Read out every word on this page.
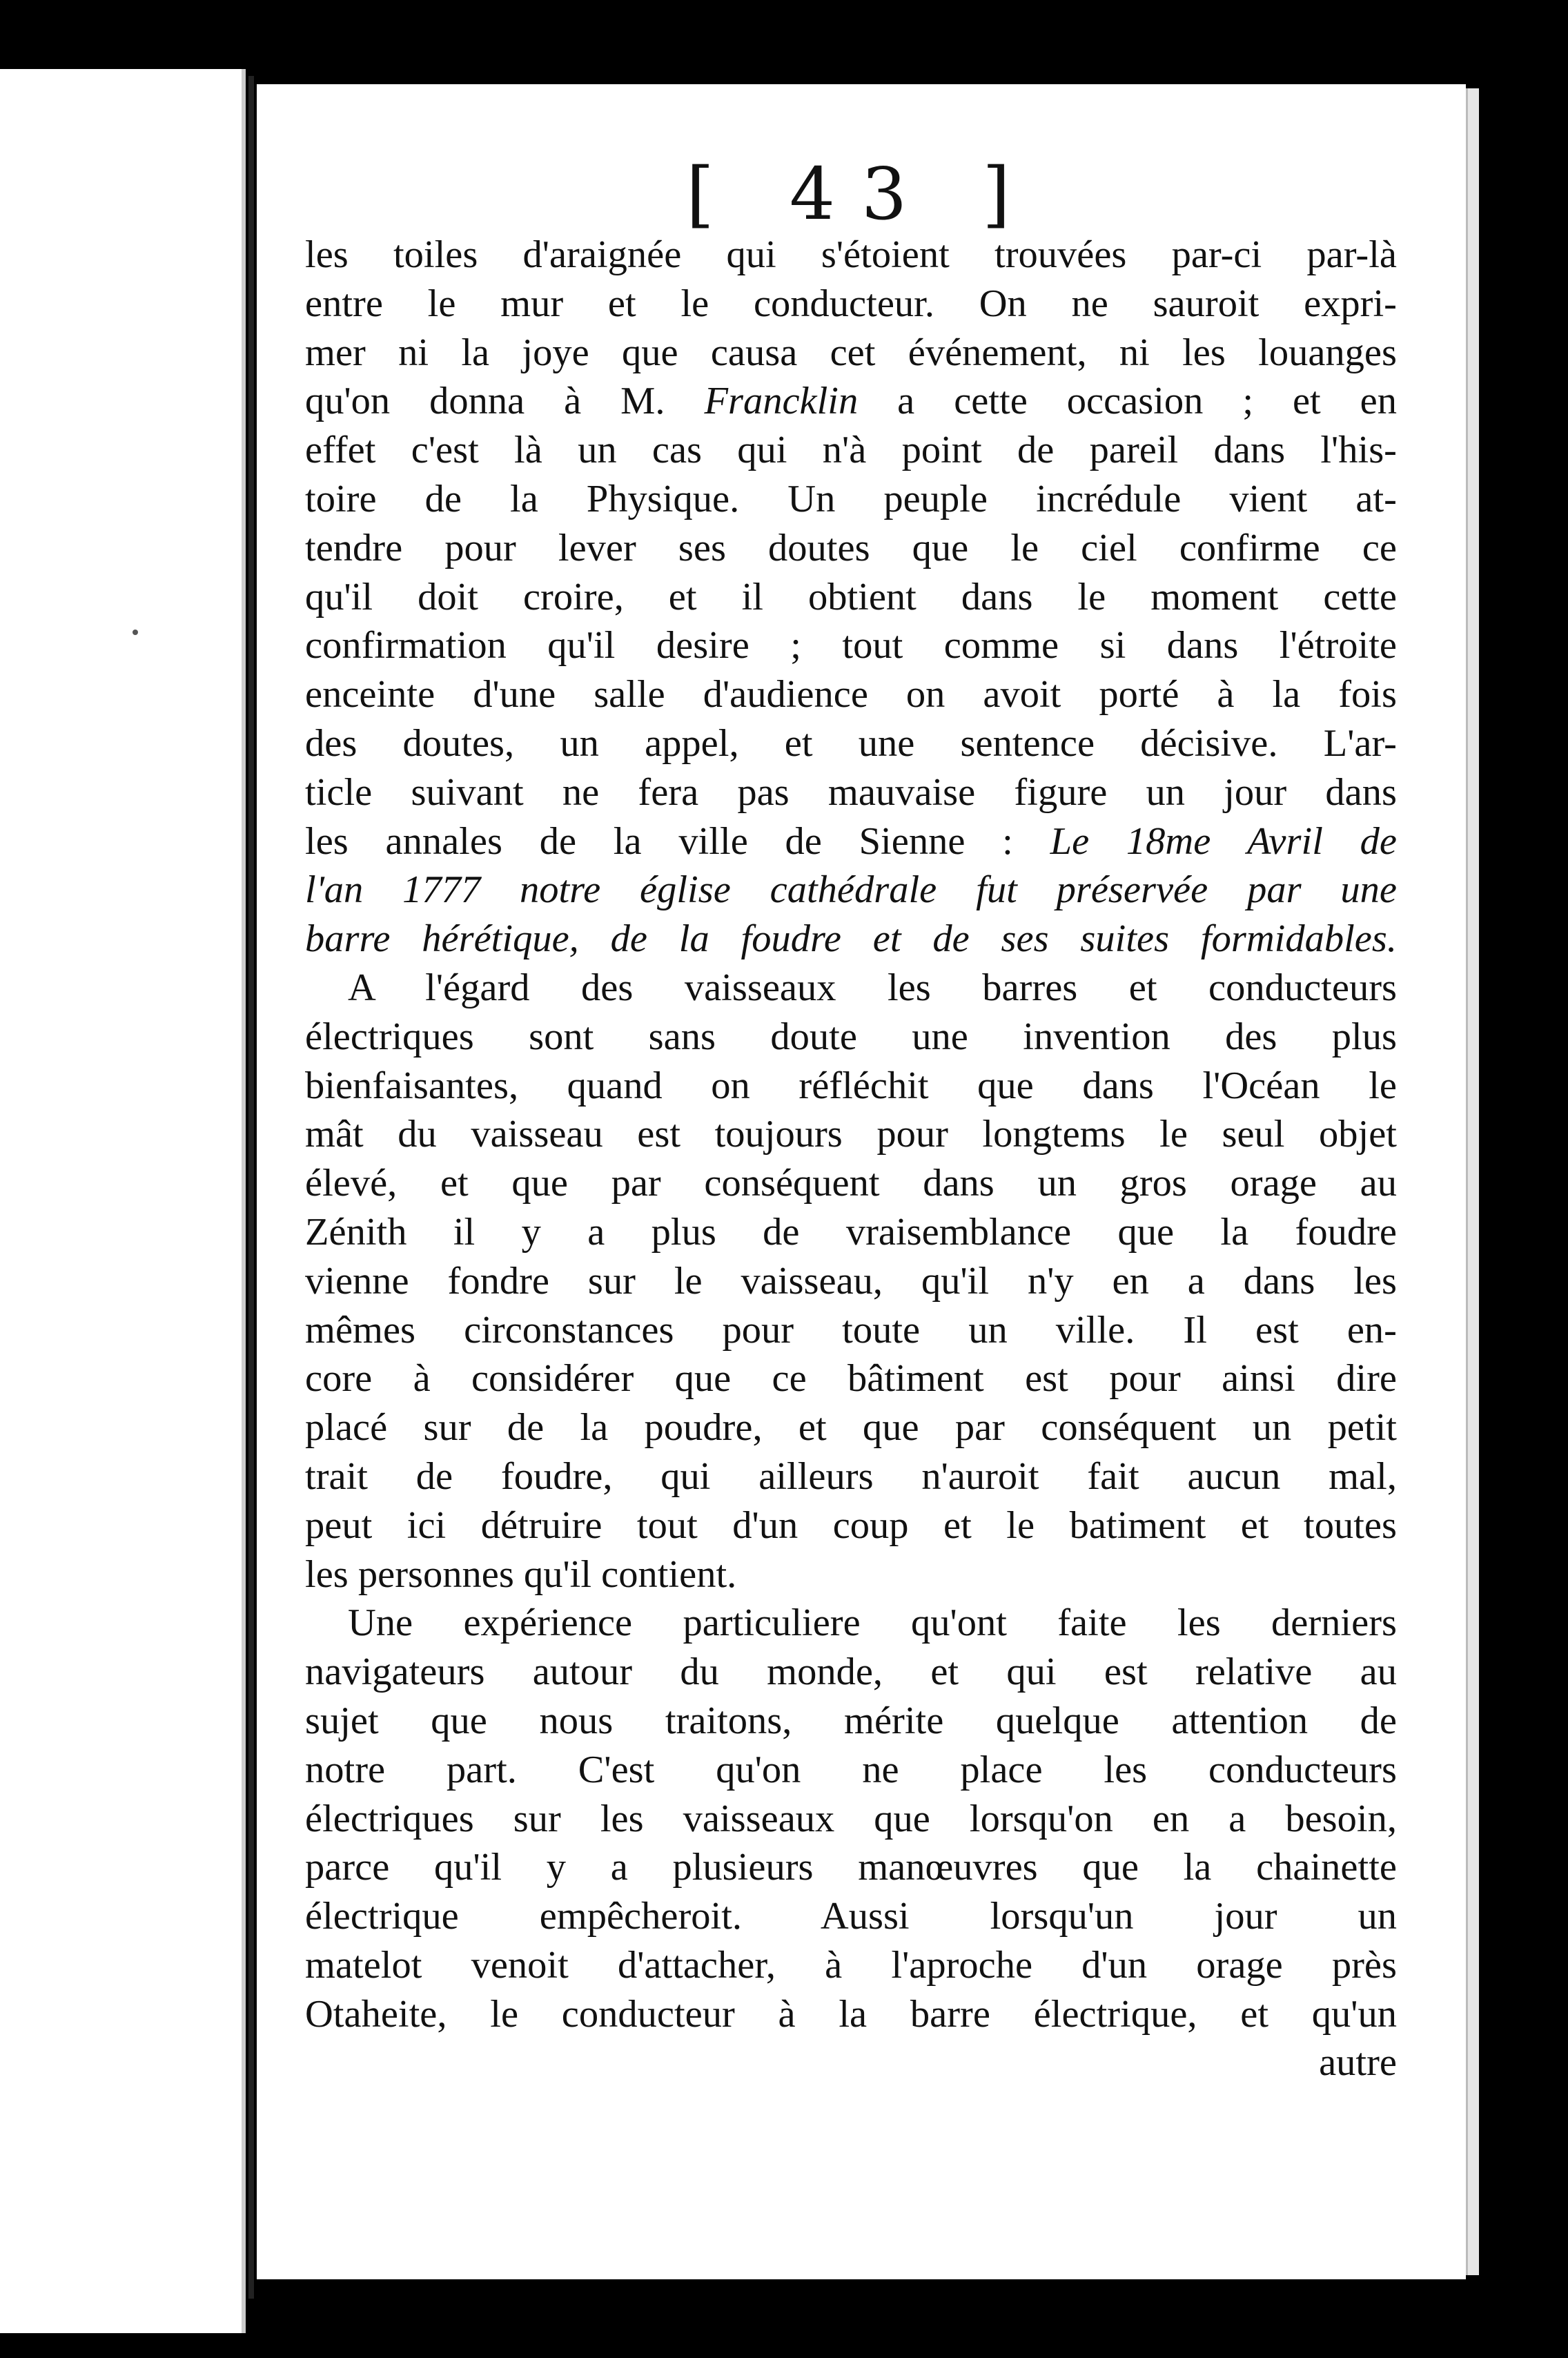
[ 43 ]
les toiles d'araignée qui s'étoient trouvées par-ci par-là
entre le mur et le conducteur. On ne sauroit expri-
mer ni la joye que causa cet événement, ni les louanges
qu'on donna à M. Francklin a cette occasion ; et en
effet c'est là un cas qui n'à point de pareil dans l'his-
toire de la Physique. Un peuple incrédule vient at-
tendre pour lever ses doutes que le ciel confirme ce
qu'il doit croire, et il obtient dans le moment cette
confirmation qu'il desire ; tout comme si dans l'étroite
enceinte d'une salle d'audience on avoit porté à la fois
des doutes, un appel, et une sentence décisive. L'ar-
ticle suivant ne fera pas mauvaise figure un jour dans
les annales de la ville de Sienne : Le 18me Avril de
l'an 1777 notre église cathédrale fut préservée par une
barre hérétique, de la foudre et de ses suites formidables.
A l'égard des vaisseaux les barres et conducteurs
électriques sont sans doute une invention des plus
bienfaisantes, quand on réfléchit que dans l'Océan le
mât du vaisseau est toujours pour longtems le seul objet
élevé, et que par conséquent dans un gros orage au
Zénith il y a plus de vraisemblance que la foudre
vienne fondre sur le vaisseau, qu'il n'y en a dans les
mêmes circonstances pour toute un ville. Il est en-
core à considérer que ce bâtiment est pour ainsi dire
placé sur de la poudre, et que par conséquent un petit
trait de foudre, qui ailleurs n'auroit fait aucun mal,
peut ici détruire tout d'un coup et le batiment et toutes
les personnes qu'il contient.
Une expérience particuliere qu'ont faite les derniers
navigateurs autour du monde, et qui est relative au
sujet que nous traitons, mérite quelque attention de
notre part. C'est qu'on ne place les conducteurs
électriques sur les vaisseaux que lorsqu'on en a besoin,
parce qu'il y a plusieurs manœuvres que la chainette
électrique empêcheroit. Aussi lorsqu'un jour un
matelot venoit d'attacher, à l'aproche d'un orage près
Otaheite, le conducteur à la barre électrique, et qu'un
autre
